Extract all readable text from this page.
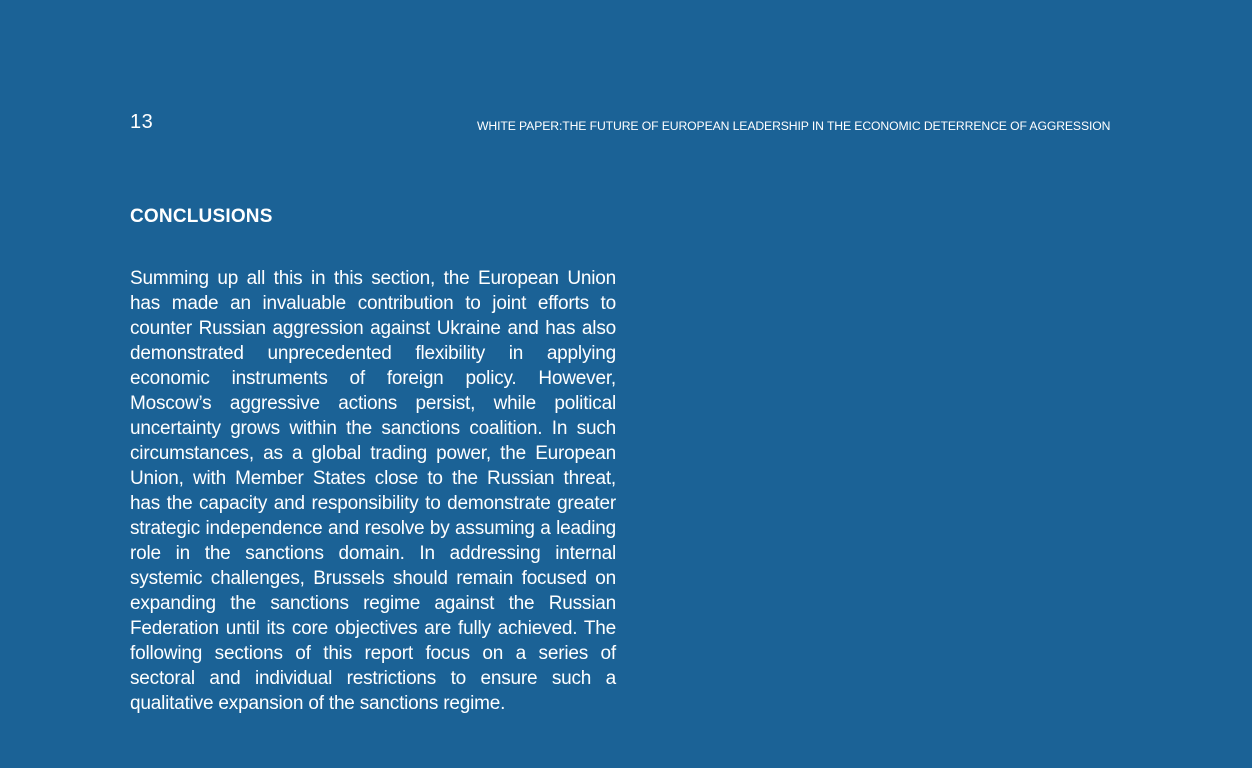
13	WHITE PAPER:THE FUTURE OF EUROPEAN LEADERSHIP IN THE ECONOMIC DETERRENCE OF AGGRESSION
CONCLUSIONS

Summing up all this in this section, the European Union has made an invaluable contribution to joint efforts to counter Russian aggression against Ukraine and has also demonstrated unprecedented flexibility in applying economic instruments of foreign policy. However, Moscow’s aggressive actions persist, while political uncertainty grows within the sanctions coalition. In such circumstances, as a global trading power, the European Union, with Member States close to the Russian threat, has the capacity and responsibility to demonstrate greater strategic independence and resolve by assuming a leading role in the sanctions domain. In addressing internal systemic challenges, Brussels should remain focused on expanding the sanctions regime against the Russian Federation until its core objectives are fully achieved. The following sections of this report focus on a series of sectoral and individual restrictions to ensure such a qualitative expansion of the sanctions regime.
